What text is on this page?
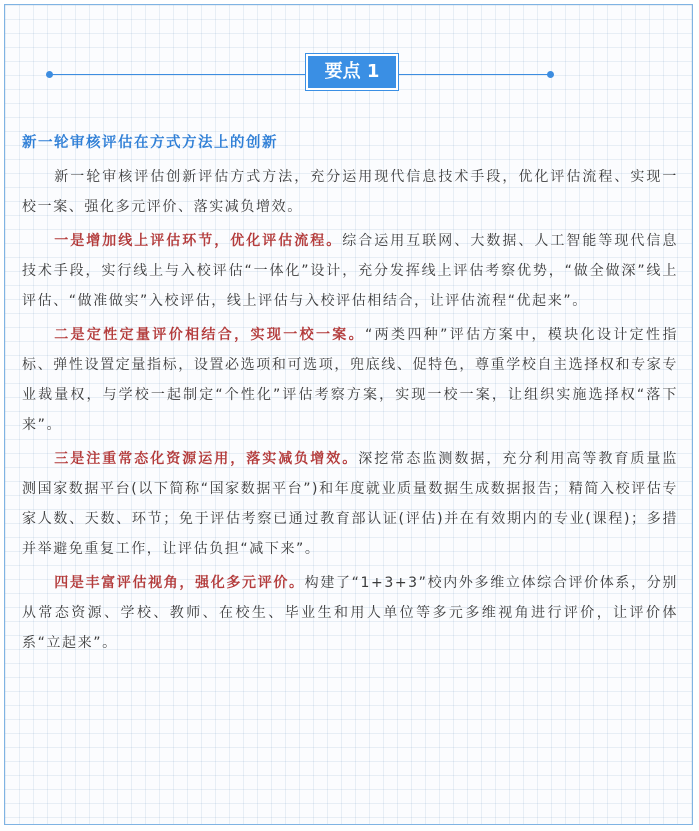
要点 1
新一轮审核评估在方式方法上的创新

新一轮审核评估创新评估方式方法，充分运用现代信息技术手段，优化评估流程、实现一校一案、强化多元评价、落实减负增效。

一是增加线上评估环节，优化评估流程。综合运用互联网、大数据、人工智能等现代信息技术手段，实行线上与入校评估“一体化”设计，充分发挥线上评估考察优势，“做全做深”线上评估、“做准做实”入校评估，线上评估与入校评估相结合，让评估流程“优起来”。

二是定性定量评价相结合，实现一校一案。“两类四种”评估方案中，模块化设计定性指标、弹性设置定量指标，设置必选项和可选项，兜底线、促特色，尊重学校自主选择权和专家专业裁量权，与学校一起制定“个性化”评估考察方案，实现一校一案，让组织实施选择权“落下来”。

三是注重常态化资源运用，落实减负增效。深挖常态监测数据，充分利用高等教育质量监测国家数据平台(以下简称“国家数据平台”)和年度就业质量数据生成数据报告；精简入校评估专家人数、天数、环节；免于评估考察已通过教育部认证(评估)并在有效期内的专业(课程)；多措并举避免重复工作，让评估负担“减下来”。

四是丰富评估视角，强化多元评价。构建了“1+3+3”校内外多维立体综合评价体系，分别从常态资源、学校、教师、在校生、毕业生和用人单位等多元多维视角进行评价，让评价体系“立起来”。
